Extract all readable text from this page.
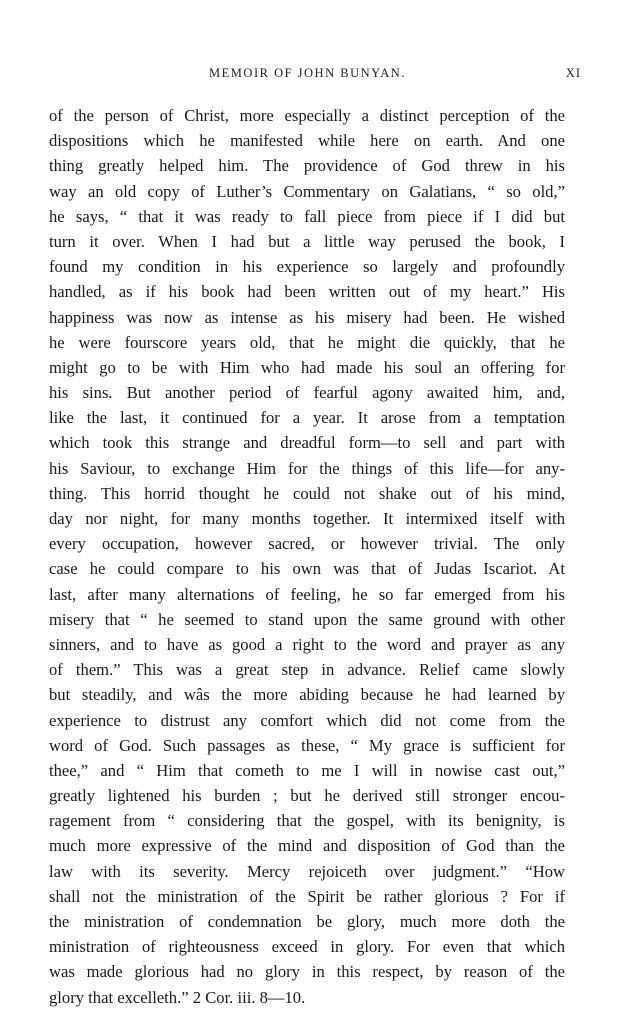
MEMOIR OF JOHN BUNYAN.	XI
of the person of Christ, more especially a distinct perception of the
dispositions which he manifested while here on earth. And one
thing greatly helped him. The providence of God threw in his
way an old copy of Luther’s Commentary on Galatians, “ so old,”
he says, “ that it was ready to fall piece from piece if I did but
turn it over. When I had but a little way perused the book, I
found my condition in his experience so largely and profoundly
handled, as if his book had been written out of my heart.” His
happiness was now as intense as his misery had been. He wished
he were fourscore years old, that he might die quickly, that he
might go to be with Him who had made his soul an offering for
his sins. But another period of fearful agony awaited him, and,
like the last, it continued for a year. It arose from a temptation
which took this strange and dreadful form—to sell and part with
his Saviour, to exchange Him for the things of this life—for any-
thing. This horrid thought he could not shake out of his mind,
day nor night, for many months together. It intermixed itself with
every occupation, however sacred, or however trivial. The only
case he could compare to his own was that of Judas Iscariot. At
last, after many alternations of feeling, he so far emerged from his
misery that “ he seemed to stand upon the same ground with other
sinners, and to have as good a right to the word and prayer as any
of them.” This was a great step in advance. Relief came slowly
but steadily, and wâs the more abiding because he had learned by
experience to distrust any comfort which did not come from the
word of God. Such passages as these, “ My grace is sufficient for
thee,” and “ Him that cometh to me I will in nowise cast out,”
greatly lightened his burden ; but he derived still stronger encou-
ragement from “ considering that the gospel, with its benignity, is
much more expressive of the mind and disposition of God than the
law with its severity. Mercy rejoiceth over judgment.” “How
shall not the ministration of the Spirit be rather glorious ? For if
the ministration of condemnation be glory, much more doth the
ministration of righteousness exceed in glory. For even that which
was made glorious had no glory in this respect, by reason of the
glory that excelleth.” 2 Cor. iii. 8—10.
